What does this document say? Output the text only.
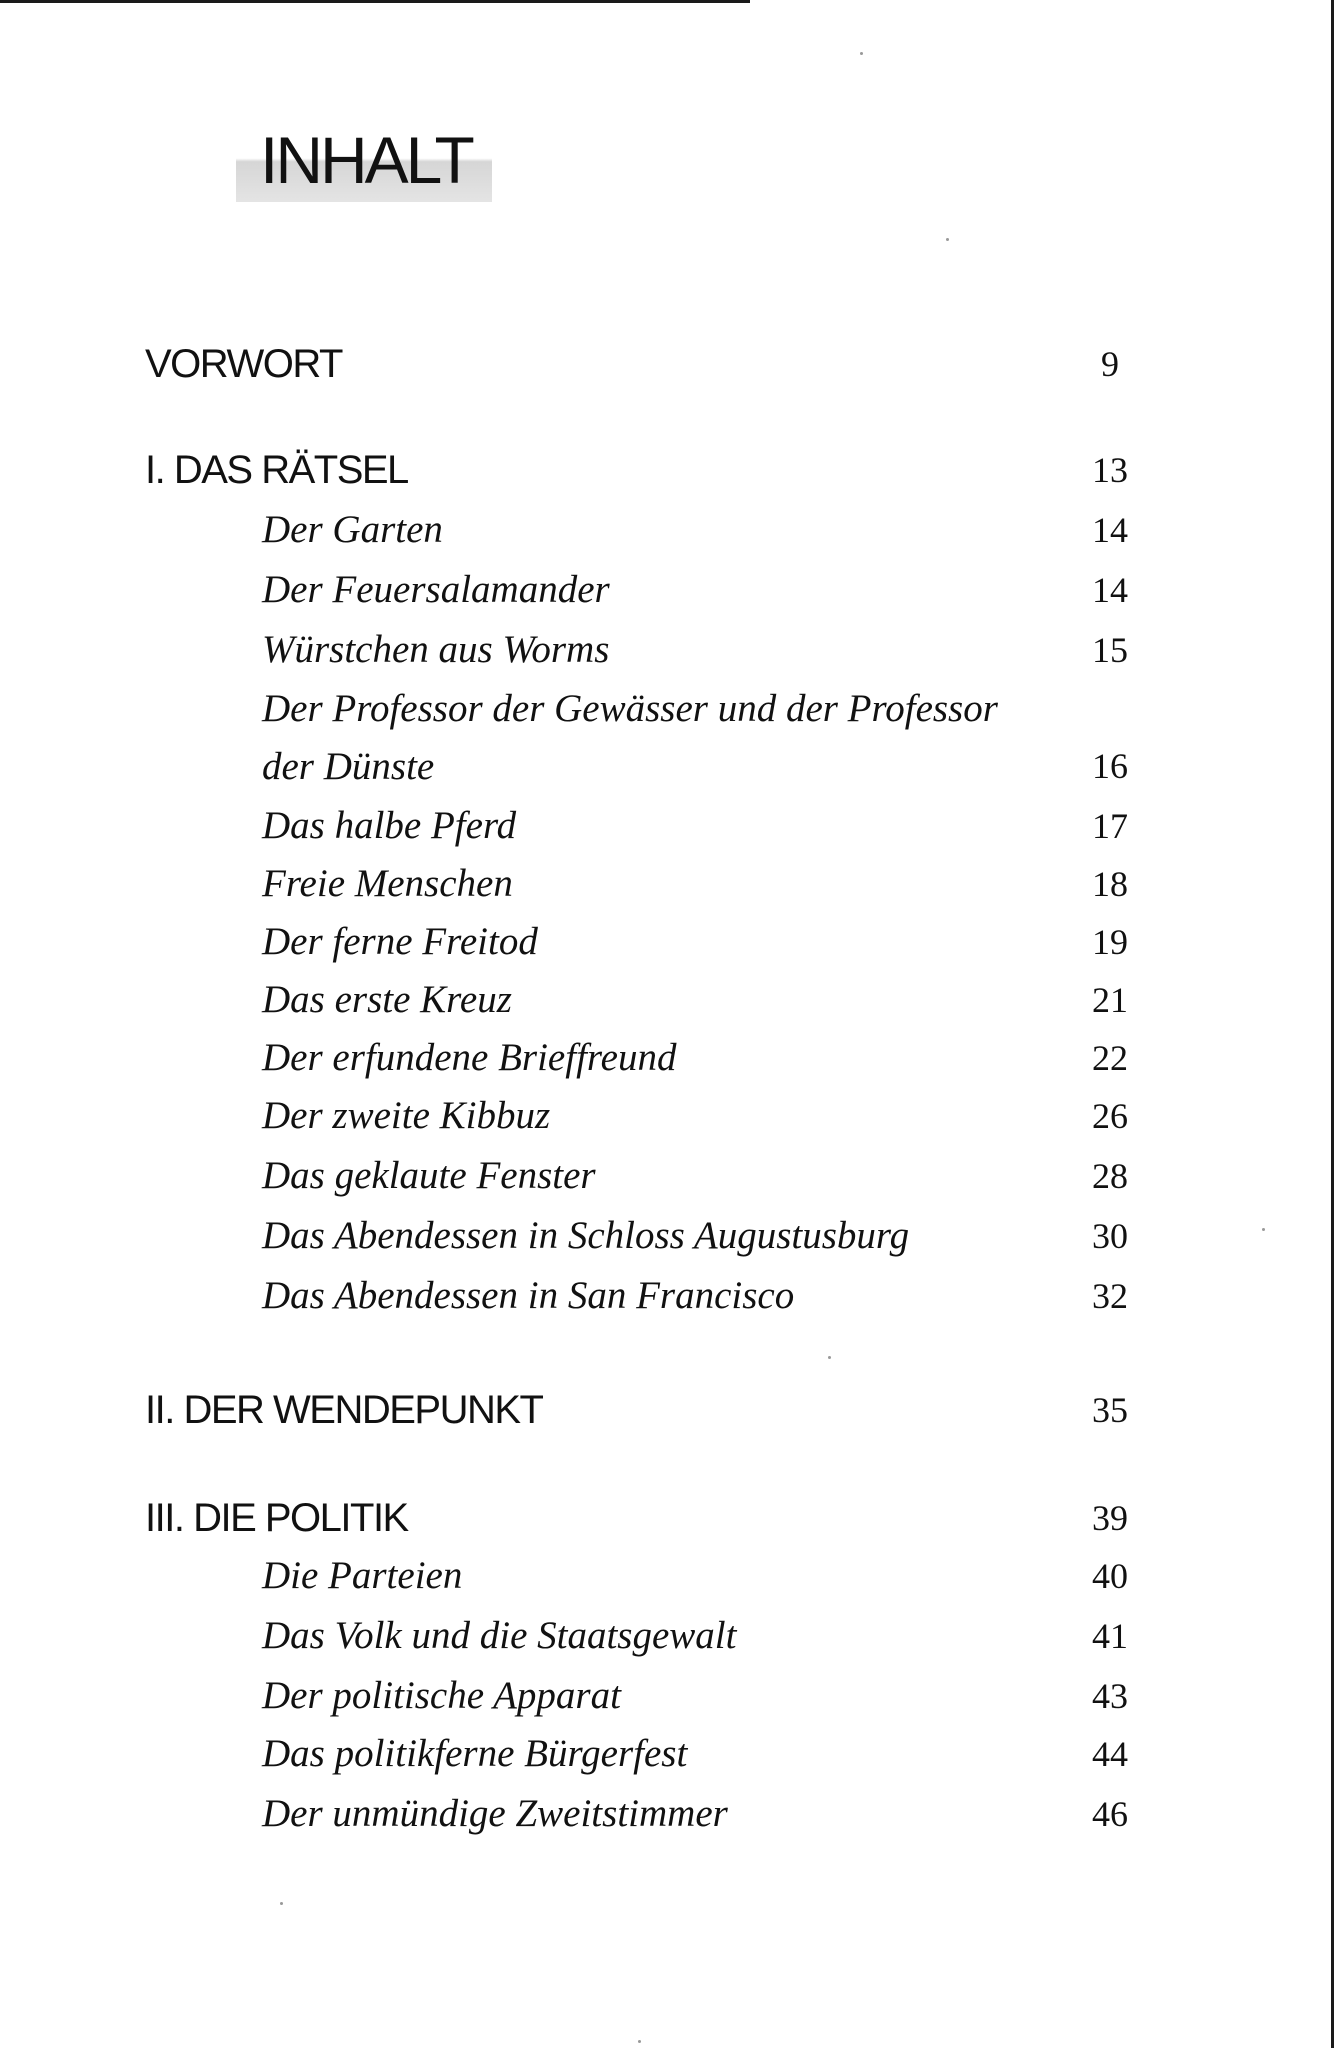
INHALT
VORWORT	9
I. DAS RÄTSEL	13
Der Garten	14
Der Feuersalamander	14
Würstchen aus Worms	15
Der Professor der Gewässer und der Professor
der Dünste	16
Das halbe Pferd	17
Freie Menschen	18
Der ferne Freitod	19
Das erste Kreuz	21
Der erfundene Brieffreund	22
Der zweite Kibbuz	26
Das geklaute Fenster	28
Das Abendessen in Schloss Augustusburg	30
Das Abendessen in San Francisco	32
II. DER WENDEPUNKT	35
III. DIE POLITIK	39
Die Parteien	40
Das Volk und die Staatsgewalt	41
Der politische Apparat	43
Das politikferne Bürgerfest	44
Der unmündige Zweitstimmer	46
